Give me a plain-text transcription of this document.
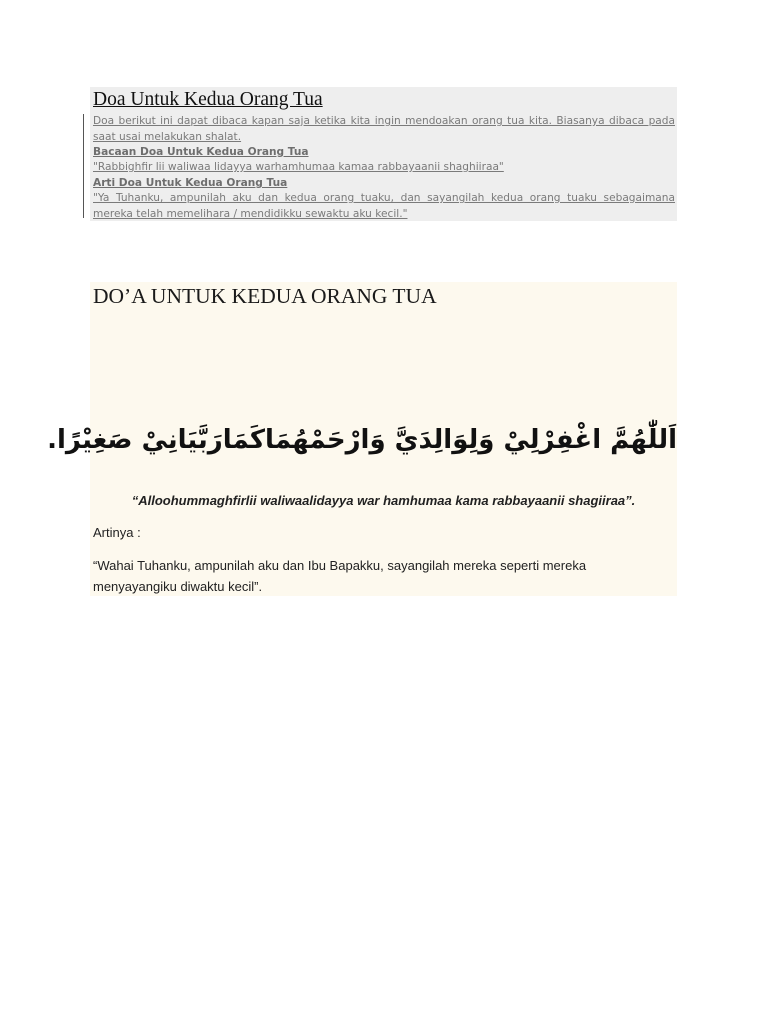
Doa Untuk Kedua Orang Tua
Doa berikut ini dapat dibaca kapan saja ketika kita ingin mendoakan orang tua kita. Biasanya dibaca pada saat usai melakukan shalat.
Bacaan Doa Untuk Kedua Orang Tua
"Rabbighfir lii waliwaa lidayya warhamhumaa kamaa rabbayaanii shaghiiraa"
Arti Doa Untuk Kedua Orang Tua
"Ya Tuhanku, ampunilah aku dan kedua orang tuaku, dan sayangilah kedua orang tuaku sebagaimana mereka telah memelihara / mendidikku sewaktu aku kecil."
DO’A UNTUK KEDUA ORANG TUA
اَللّٰهُمَّ اغْفِرْلِيْ وَلِوَالِدَيَّ وَارْحَمْهُمَاكَمَارَبَّيَانِيْ صَغِيْرًا.
“Alloohummaghfirlii waliwaalidayya war hamhumaa kama rabbayaanii shagiiraa”.
Artinya :
“Wahai Tuhanku, ampunilah aku dan Ibu Bapakku, sayangilah mereka seperti mereka menyayangiku diwaktu kecil”.
